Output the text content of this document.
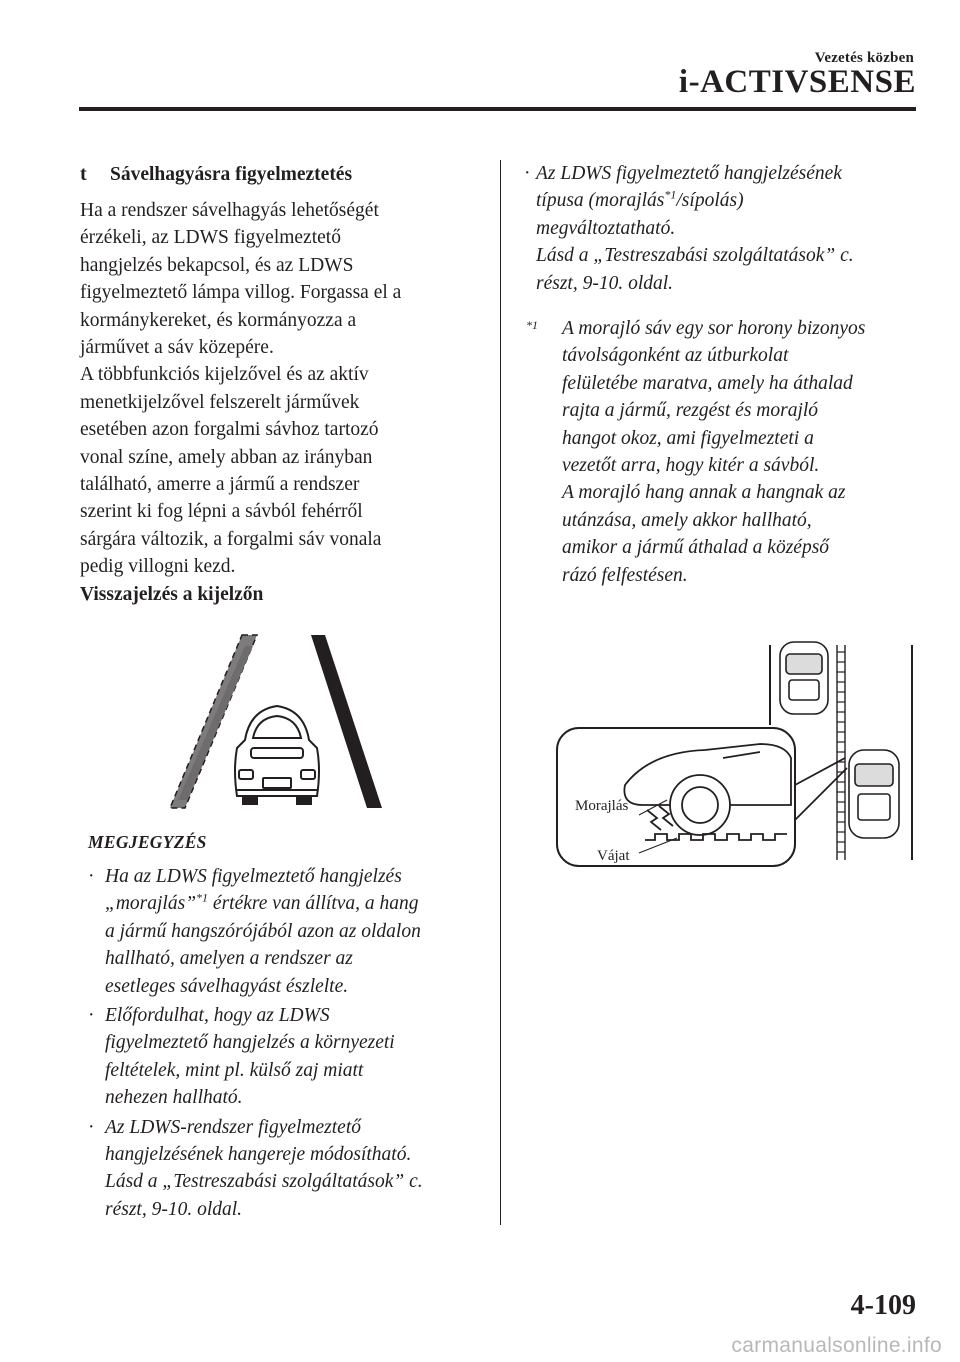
Vezetés közben
i-ACTIVSENSE
t	Sávelhagyásra figyelmeztetés

Ha a rendszer sávelhagyás lehetőségét
érzékeli, az LDWS figyelmeztető
hangjelzés bekapcsol, és az LDWS
figyelmeztető lámpa villog. Forgassa el a
kormánykereket, és kormányozza a
járművet a sáv közepére.

A többfunkciós kijelzővel és az aktív
menetkijelzővel felszerelt járművek
esetében azon forgalmi sávhoz tartozó
vonal színe, amely abban az irányban
található, amerre a jármű a rendszer
szerint ki fog lépni a sávból fehérről
sárgára változik, a forgalmi sáv vonala
pedig villogni kezd.

Visszajelzés a kijelzőn

MEGJEGYZÉS

· Ha az LDWS figyelmeztető hangjelzés
„morajlás”$^{*1}$ értékre van állítva, a hang
a jármű hangszórójából azon az oldalon
hallható, amelyen a rendszer az
esetleges sávelhagyást észlelte.

· Előfordulhat, hogy az LDWS
figyelmeztető hangjelzés a környezeti
feltételek, mint pl. külső zaj miatt
nehezen hallható.

· Az LDWS-rendszer figyelmeztető
hangjelzésének hangereje módosítható.
Lásd a „Testreszabási szolgáltatások” c.
részt, 9-10. oldal.

· Az LDWS figyelmeztető hangjelzésének
típusa (morajlás$^{*1}$/sípolás)
megváltoztatható.
Lásd a „Testreszabási szolgáltatások” c.
részt, 9-10. oldal.

*1 A morajló sáv egy sor horony bizonyos
távolságonként az útburkolat
felületébe maratva, amely ha áthalad
rajta a jármű, rezgést és morajló
hangot okoz, ami figyelmezteti a
vezetőt arra, hogy kitér a sávból.
A morajló hang annak a hangnak az
utánzása, amely akkor hallható,
amikor a jármű áthalad a középső
rázó felfestésen.

Morajlás
Vájat
4-109
carmanualsonline.info
